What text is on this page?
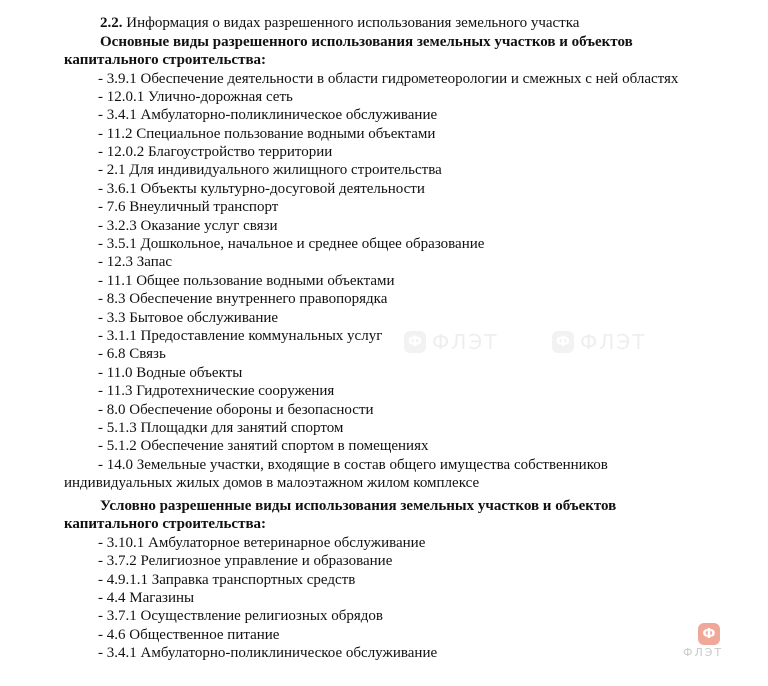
2.2. Информация о видах разрешенного использования земельного участка
Основные виды разрешенного использования земельных участков и объектов
капитального строительства:
- 3.9.1 Обеспечение деятельности в области гидрометеорологии и смежных с ней областях
- 12.0.1 Улично-дорожная сеть
- 3.4.1 Амбулаторно-поликлиническое обслуживание
- 11.2 Специальное пользование водными объектами
- 12.0.2 Благоустройство территории
- 2.1 Для индивидуального жилищного строительства
- 3.6.1 Объекты культурно-досуговой деятельности
- 7.6 Внеуличный транспорт
- 3.2.3 Оказание услуг связи
- 3.5.1 Дошкольное, начальное и среднее общее образование
- 12.3 Запас
- 11.1 Общее пользование водными объектами
- 8.3 Обеспечение внутреннего правопорядка
- 3.3 Бытовое обслуживание
- 3.1.1 Предоставление коммунальных услуг
- 6.8 Связь
- 11.0 Водные объекты
- 11.3 Гидротехнические сооружения
- 8.0 Обеспечение обороны и безопасности
- 5.1.3 Площадки для занятий спортом
- 5.1.2 Обеспечение занятий спортом в помещениях
- 14.0 Земельные участки, входящие в состав общего имущества собственников
индивидуальных жилых домов в малоэтажном жилом комплексе
Условно разрешенные виды использования земельных участков и объектов
капитального строительства:
- 3.10.1 Амбулаторное ветеринарное обслуживание
- 3.7.2 Религиозное управление и образование
- 4.9.1.1 Заправка транспортных средств
- 4.4 Магазины
- 3.7.1 Осуществление религиозных обрядов
- 4.6 Общественное питание
- 3.4.1 Амбулаторно-поликлиническое обслуживание
Ф ФЛЭТ	Ф ФЛЭТ
Ф
ФЛЭТ
